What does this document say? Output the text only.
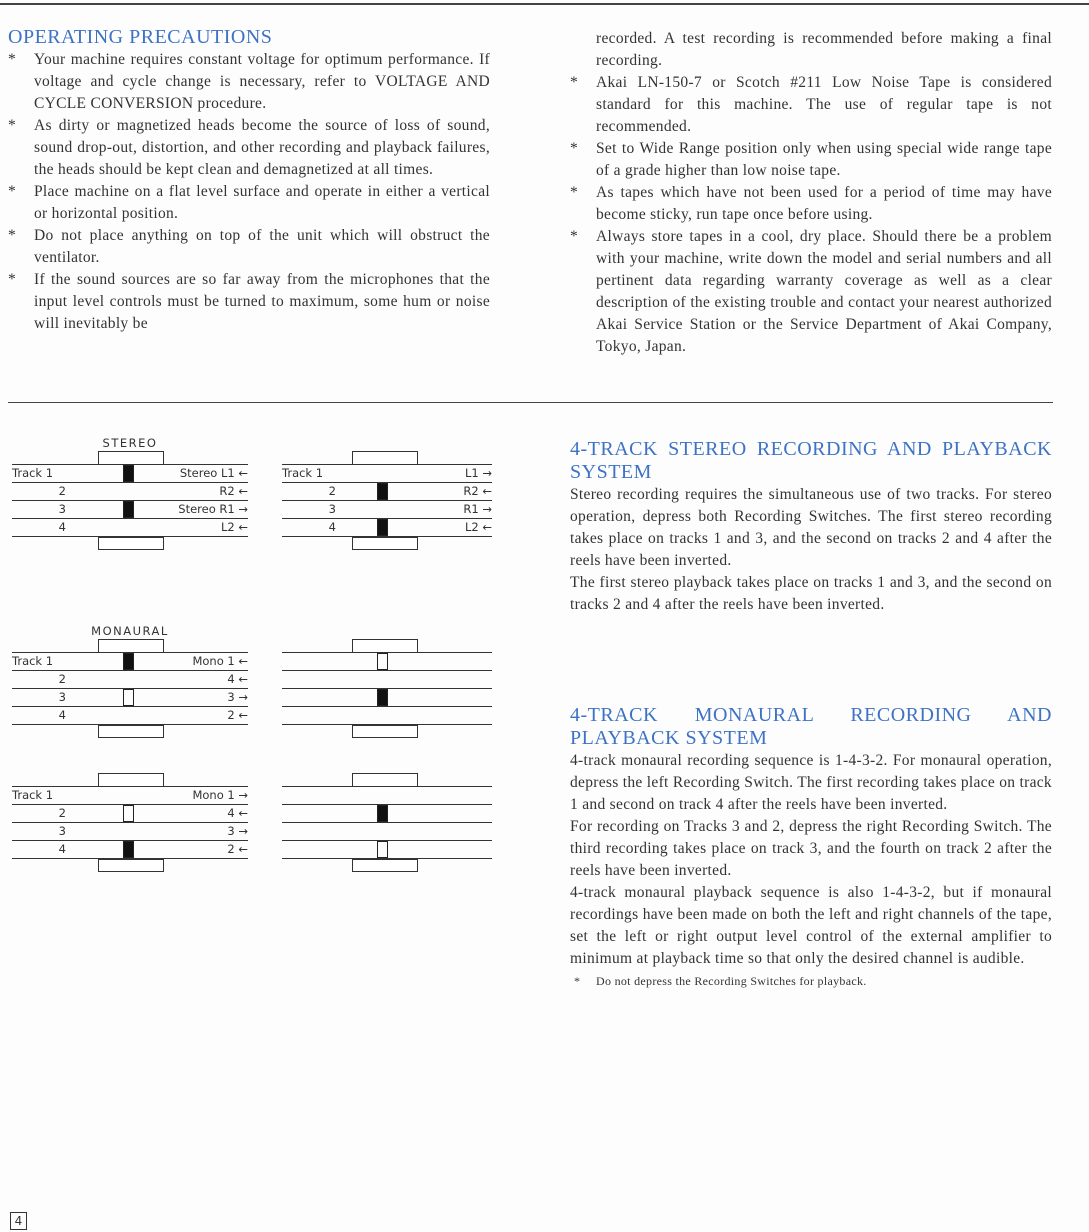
OPERATING PRECAUTIONS
* Your machine requires constant voltage for optimum performance. If voltage and cycle change is necessary, refer to VOLTAGE AND CYCLE CONVERSION procedure.
* As dirty or magnetized heads become the source of loss of sound, sound drop-out, distortion, and other recording and playback failures, the heads should be kept clean and demagnetized at all times.
* Place machine on a flat level surface and operate in either a vertical or horizontal position.
* Do not place anything on top of the unit which will obstruct the ventilator.
* If the sound sources are so far away from the microphones that the input level controls must be turned to maximum, some hum or noise will inevitably be

recorded. A test recording is recommended before making a final recording.

* Akai LN-150-7 or Scotch #211 Low Noise Tape is considered standard for this machine. The use of regular tape is not recommended.
* Set to Wide Range position only when using special wide range tape of a grade higher than low noise tape.
* As tapes which have not been used for a period of time may have become sticky, run tape once before using.
* Always store tapes in a cool, dry place. Should there be a problem with your machine, write down the model and serial numbers and all pertinent data regarding warranty coverage as well as a clear description of the existing trouble and contact your nearest authorized Akai Service Station or the Service Department of Akai Company, Tokyo, Japan.
4-TRACK STEREO RECORDING AND PLAYBACK SYSTEM

Stereo recording requires the simultaneous use of two tracks. For stereo operation, depress both Recording Switches. The first stereo recording takes place on tracks 1 and 3, and the second on tracks 2 and 4 after the reels have been inverted.

The first stereo playback takes place on tracks 1 and 3, and the second on tracks 2 and 4 after the reels have been inverted.

4-TRACK MONAURAL RECORDING AND PLAYBACK SYSTEM

4-track monaural recording sequence is 1-4-3-2. For monaural operation, depress the left Recording Switch. The first recording takes place on track 1 and second on track 4 after the reels have been inverted.

For recording on Tracks 3 and 2, depress the right Recording Switch. The third recording takes place on track 3, and the fourth on track 2 after the reels have been inverted.

4-track monaural playback sequence is also 1-4-3-2, but if monaural recordings have been made on both the left and right channels of the tape, set the left or right output level control of the external amplifier to minimum at playback time so that only the desired channel is audible.

* Do not depress the Recording Switches for playback.
STEREO
Track 1	Stereo L1 ←
2	R2 ←
3	Stereo R1 →
4	L2 ←
Track 1	L1 →
2	R2 ←
3	R1 →
4	L2 ←
MONAURAL
Track 1	Mono 1 ←
2	4 ←
3	3 →
4	2 ←
Track 1	Mono 1 →
2	4 ←
3	3 →
4	2 ←
4
